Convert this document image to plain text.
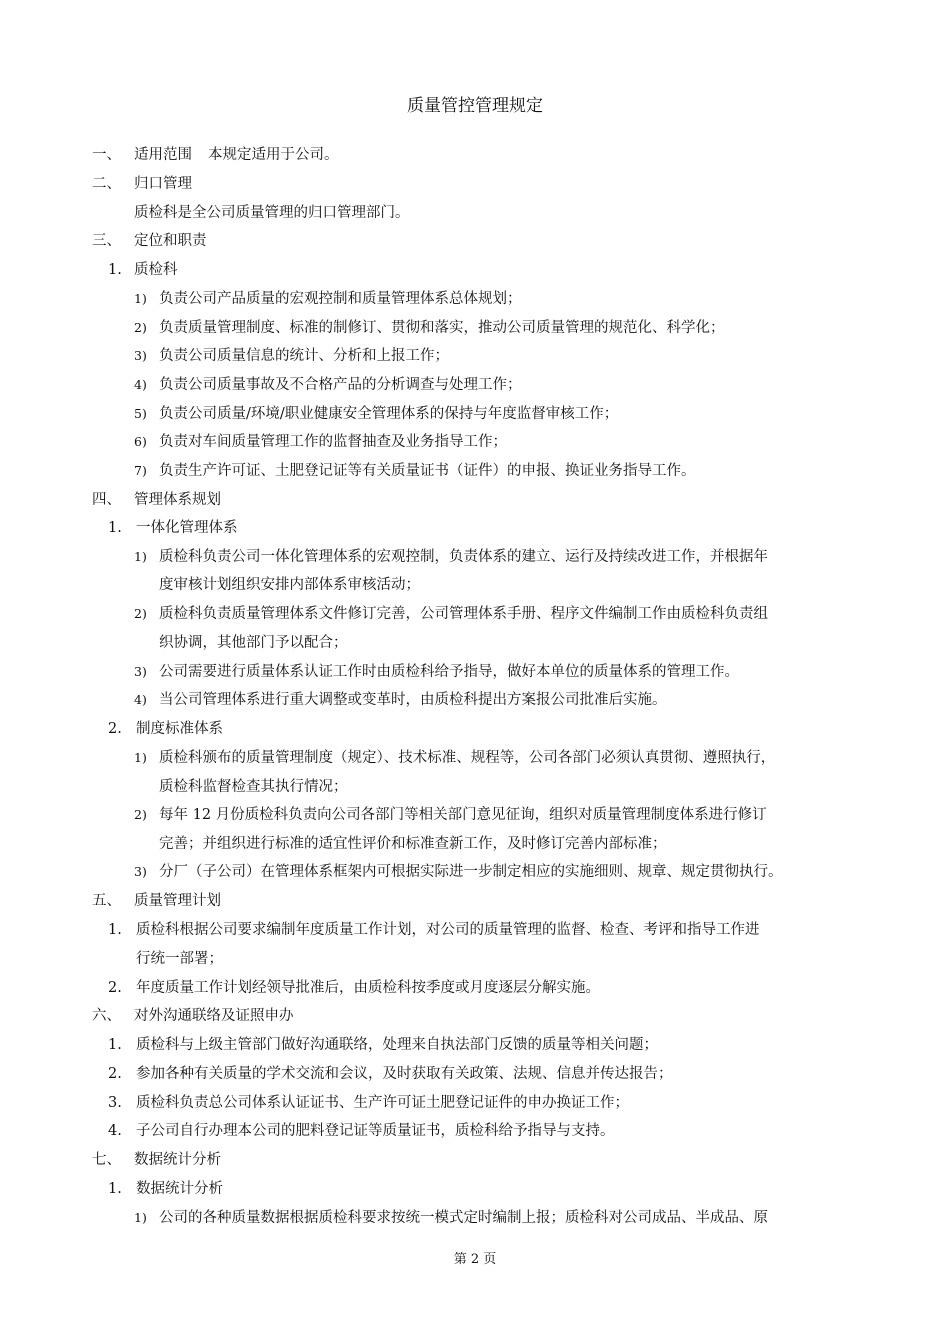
质量管控管理规定
一、 适用范围 本规定适用于公司。
二、 归口管理
质检科是全公司质量管理的归口管理部门。
三、 定位和职责
1. 质检科
1) 负责公司产品质量的宏观控制和质量管理体系总体规划；
2) 负责质量管理制度、标准的制修订、贯彻和落实，推动公司质量管理的规范化、科学化；
3) 负责公司质量信息的统计、分析和上报工作；
4) 负责公司质量事故及不合格产品的分析调查与处理工作；
5) 负责公司质量/环境/职业健康安全管理体系的保持与年度监督审核工作；
6) 负责对车间质量管理工作的监督抽查及业务指导工作；
7) 负责生产许可证、土肥登记证等有关质量证书（证件）的申报、换证业务指导工作。
四、 管理体系规划
1. 一体化管理体系
1) 质检科负责公司一体化管理体系的宏观控制，负责体系的建立、运行及持续改进工作，并根据年
度审核计划组织安排内部体系审核活动；
2) 质检科负责质量管理体系文件修订完善，公司管理体系手册、程序文件编制工作由质检科负责组
织协调，其他部门予以配合；
3) 公司需要进行质量体系认证工作时由质检科给予指导，做好本单位的质量体系的管理工作。
4) 当公司管理体系进行重大调整或变革时，由质检科提出方案报公司批准后实施。
2. 制度标准体系
1) 质检科颁布的质量管理制度（规定）、技术标准、规程等，公司各部门必须认真贯彻、遵照执行，
质检科监督检查其执行情况；
2) 每年 12 月份质检科负责向公司各部门等相关部门意见征询，组织对质量管理制度体系进行修订
完善；并组织进行标准的适宜性评价和标准查新工作，及时修订完善内部标准；
3) 分厂（子公司）在管理体系框架内可根据实际进一步制定相应的实施细则、规章、规定贯彻执行。
五、 质量管理计划
1. 质检科根据公司要求编制年度质量工作计划，对公司的质量管理的监督、检查、考评和指导工作进
行统一部署；
2. 年度质量工作计划经领导批准后，由质检科按季度或月度逐层分解实施。
六、 对外沟通联络及证照申办
1. 质检科与上级主管部门做好沟通联络，处理来自执法部门反馈的质量等相关问题；
2. 参加各种有关质量的学术交流和会议，及时获取有关政策、法规、信息并传达报告；
3. 质检科负责总公司体系认证证书、生产许可证土肥登记证件的申办换证工作；
4. 子公司自行办理本公司的肥料登记证等质量证书，质检科给予指导与支持。
七、 数据统计分析
1. 数据统计分析
1) 公司的各种质量数据根据质检科要求按统一模式定时编制上报；质检科对公司成品、半成品、原
第 2 页
